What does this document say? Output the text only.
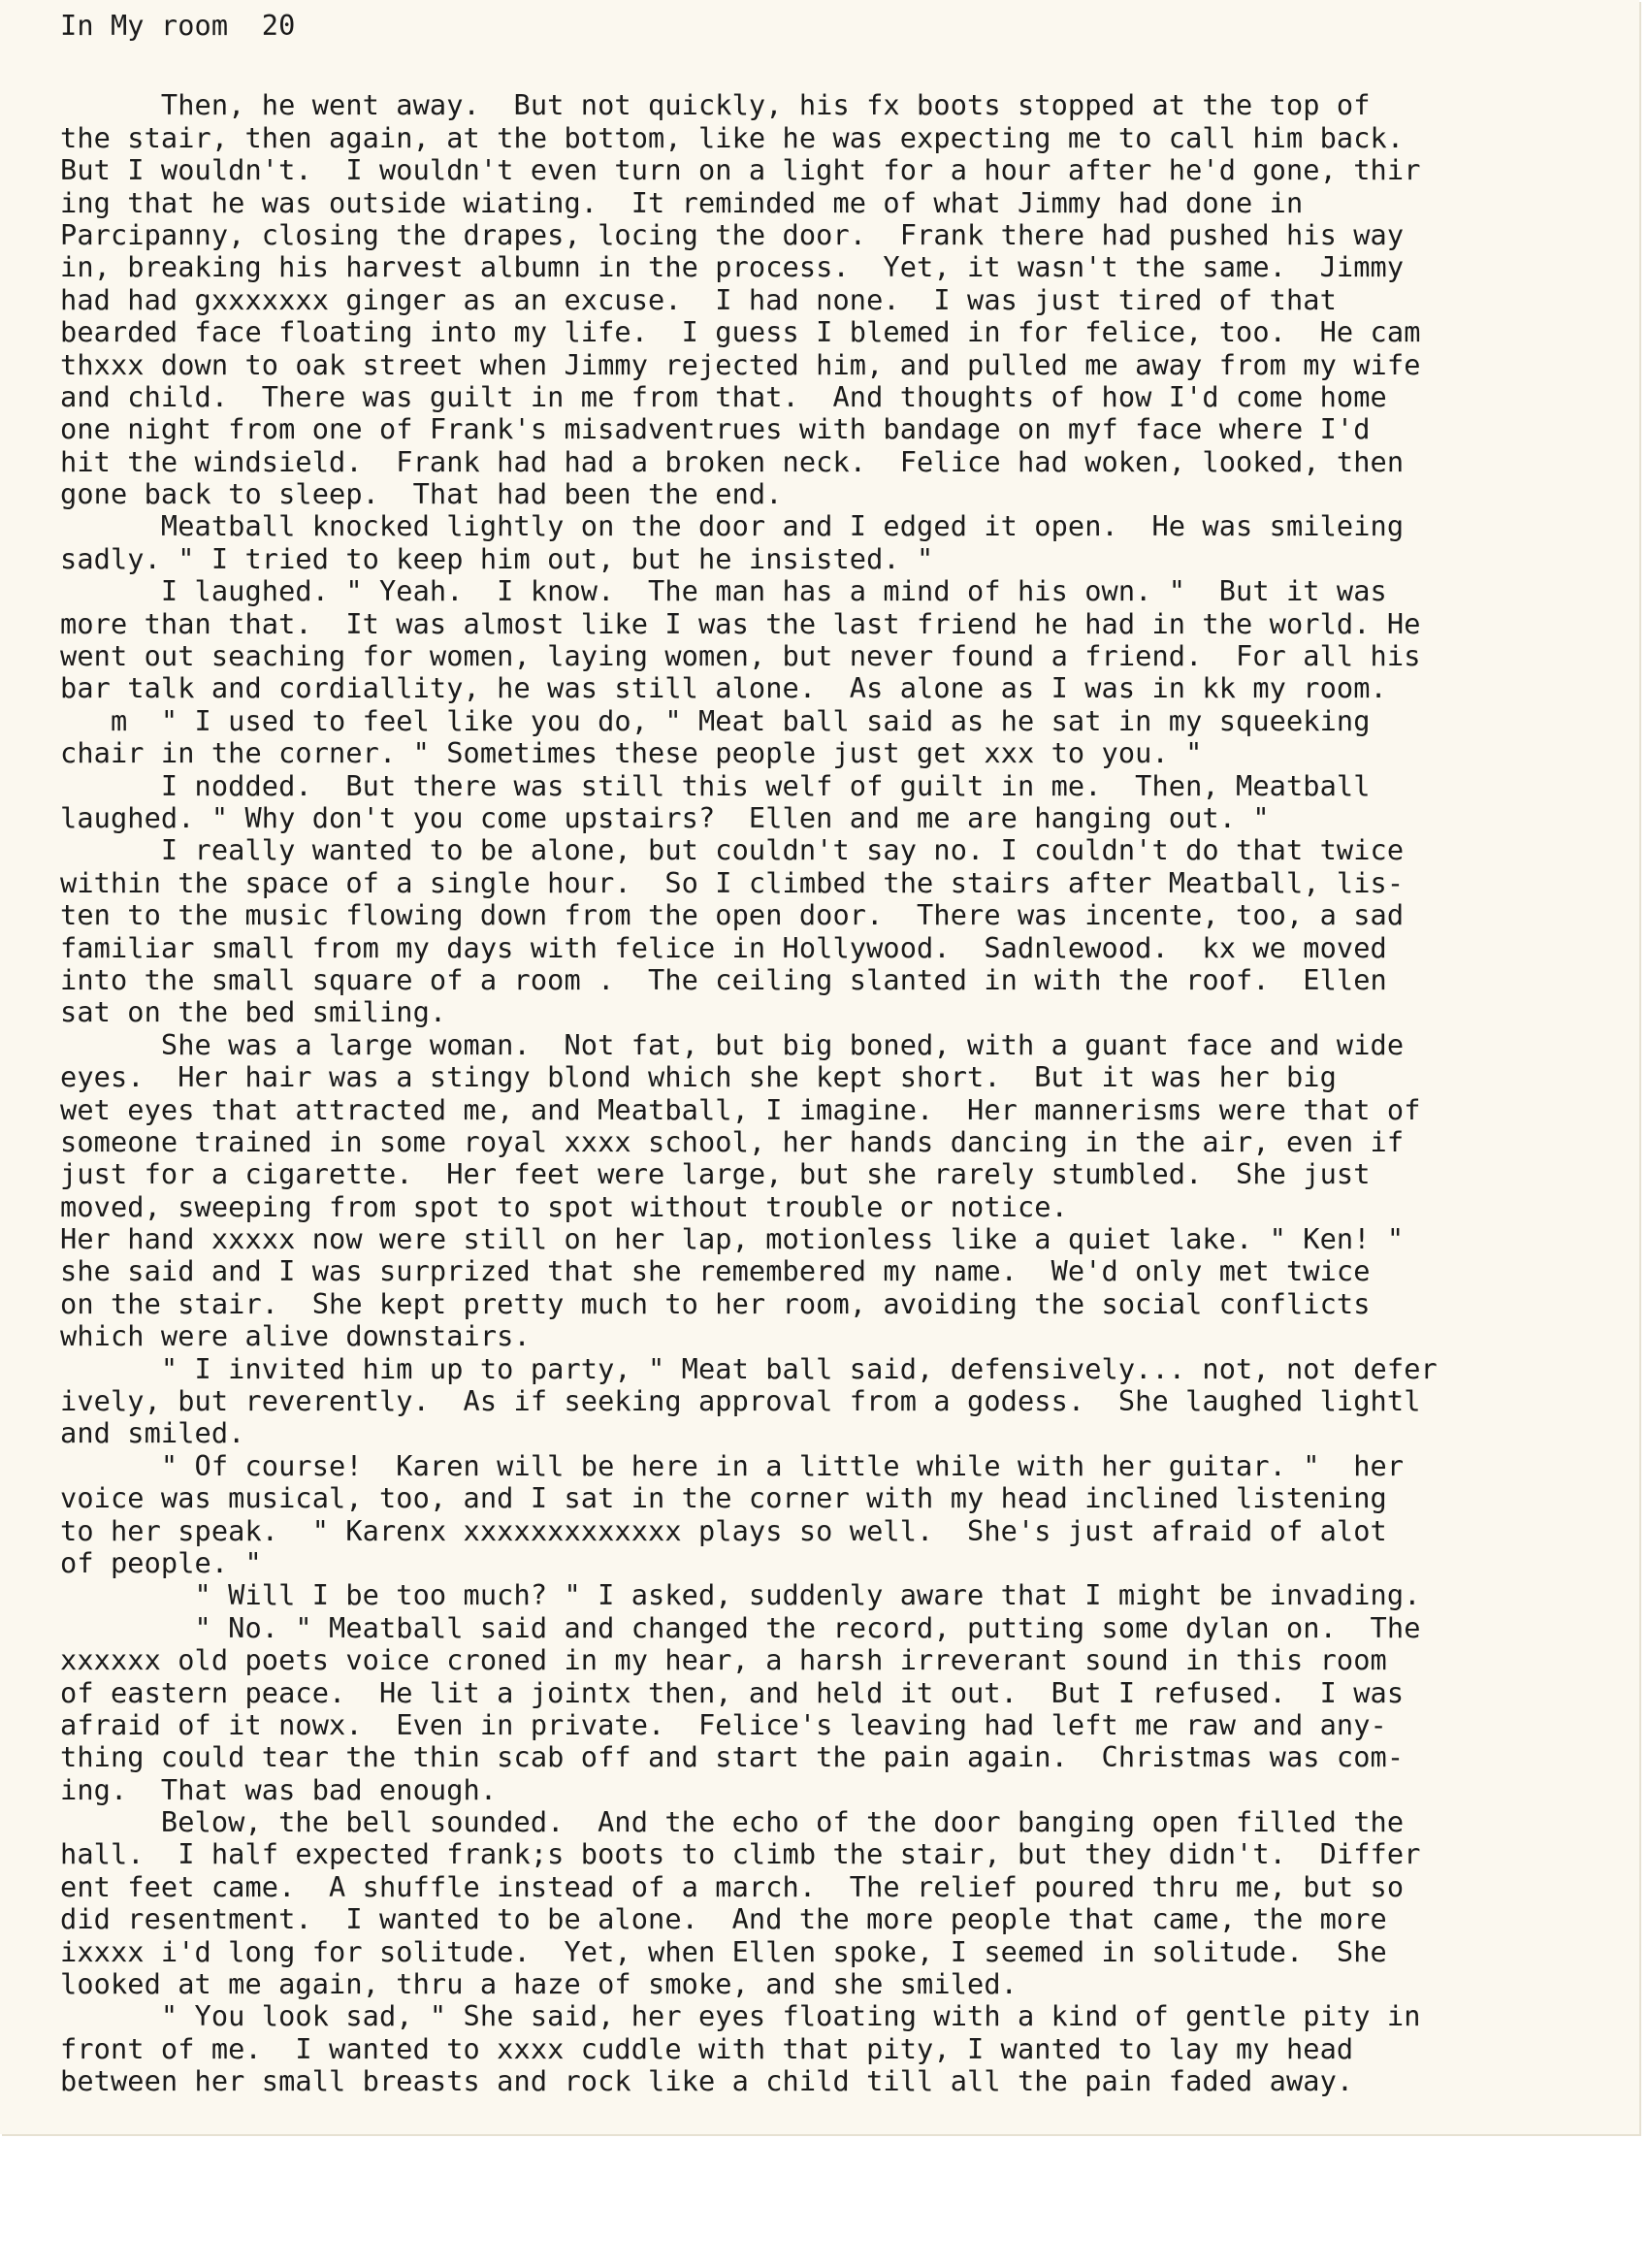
In My room  20
Then, he went away.  But not quickly, his fx boots stopped at the top of
the stair, then again, at the bottom, like he was expecting me to call him back.
But I wouldn't.  I wouldn't even turn on a light for a hour after he'd gone, thir
ing that he was outside wiating.  It reminded me of what Jimmy had done in
Parcipanny, closing the drapes, locing the door.  Frank there had pushed his way
in, breaking his harvest albumn in the process.  Yet, it wasn't the same.  Jimmy
had had gxxxxxxx ginger as an excuse.  I had none.  I was just tired of that
bearded face floating into my life.  I guess I blemed in for felice, too.  He cam
thxxx down to oak street when Jimmy rejected him, and pulled me away from my wife
and child.  There was guilt in me from that.  And thoughts of how I'd come home
one night from one of Frank's misadventrues with bandage on myf face where I'd
hit the windsield.  Frank had had a broken neck.  Felice had woken, looked, then
gone back to sleep.  That had been the end.
Meatball knocked lightly on the door and I edged it open.  He was smileing
sadly. " I tried to keep him out, but he insisted. "
I laughed. " Yeah.  I know.  The man has a mind of his own. "  But it was
more than that.  It was almost like I was the last friend he had in the world. He
went out seaching for women, laying women, but never found a friend.  For all his
bar talk and cordiallity, he was still alone.  As alone as I was in kk my room.
m  " I used to feel like you do, " Meat ball said as he sat in my squeeking
chair in the corner. " Sometimes these people just get xxx to you. "
I nodded.  But there was still this welf of guilt in me.  Then, Meatball
laughed. " Why don't you come upstairs?  Ellen and me are hanging out. "
I really wanted to be alone, but couldn't say no. I couldn't do that twice
within the space of a single hour.  So I climbed the stairs after Meatball, lis-
ten to the music flowing down from the open door.  There was incente, too, a sad
familiar small from my days with felice in Hollywood.  Sadnlewood.  kx we moved
into the small square of a room .  The ceiling slanted in with the roof.  Ellen
sat on the bed smiling.
She was a large woman.  Not fat, but big boned, with a guant face and wide
eyes.  Her hair was a stingy blond which she kept short.  But it was her big
wet eyes that attracted me, and Meatball, I imagine.  Her mannerisms were that of
someone trained in some royal xxxx school, her hands dancing in the air, even if
just for a cigarette.  Her feet were large, but she rarely stumbled.  She just
moved, sweeping from spot to spot without trouble or notice.
Her hand xxxxx now were still on her lap, motionless like a quiet lake. " Ken! "
she said and I was surprized that she remembered my name.  We'd only met twice
on the stair.  She kept pretty much to her room, avoiding the social conflicts
which were alive downstairs.
" I invited him up to party, " Meat ball said, defensively... not, not defer
ively, but reverently.  As if seeking approval from a godess.  She laughed lightl
and smiled.
" Of course!  Karen will be here in a little while with her guitar. "  her
voice was musical, too, and I sat in the corner with my head inclined listening
to her speak.  " Karenx xxxxxxxxxxxxx plays so well.  She's just afraid of alot
of people. "
" Will I be too much? " I asked, suddenly aware that I might be invading.
" No. " Meatball said and changed the record, putting some dylan on.  The
xxxxxx old poets voice croned in my hear, a harsh irreverant sound in this room
of eastern peace.  He lit a jointx then, and held it out.  But I refused.  I was
afraid of it nowx.  Even in private.  Felice's leaving had left me raw and any-
thing could tear the thin scab off and start the pain again.  Christmas was com-
ing.  That was bad enough.
Below, the bell sounded.  And the echo of the door banging open filled the
hall.  I half expected frank;s boots to climb the stair, but they didn't.  Differ
ent feet came.  A shuffle instead of a march.  The relief poured thru me, but so
did resentment.  I wanted to be alone.  And the more people that came, the more
ixxxx i'd long for solitude.  Yet, when Ellen spoke, I seemed in solitude.  She
looked at me again, thru a haze of smoke, and she smiled.
" You look sad, " She said, her eyes floating with a kind of gentle pity in
front of me.  I wanted to xxxx cuddle with that pity, I wanted to lay my head
between her small breasts and rock like a child till all the pain faded away.
